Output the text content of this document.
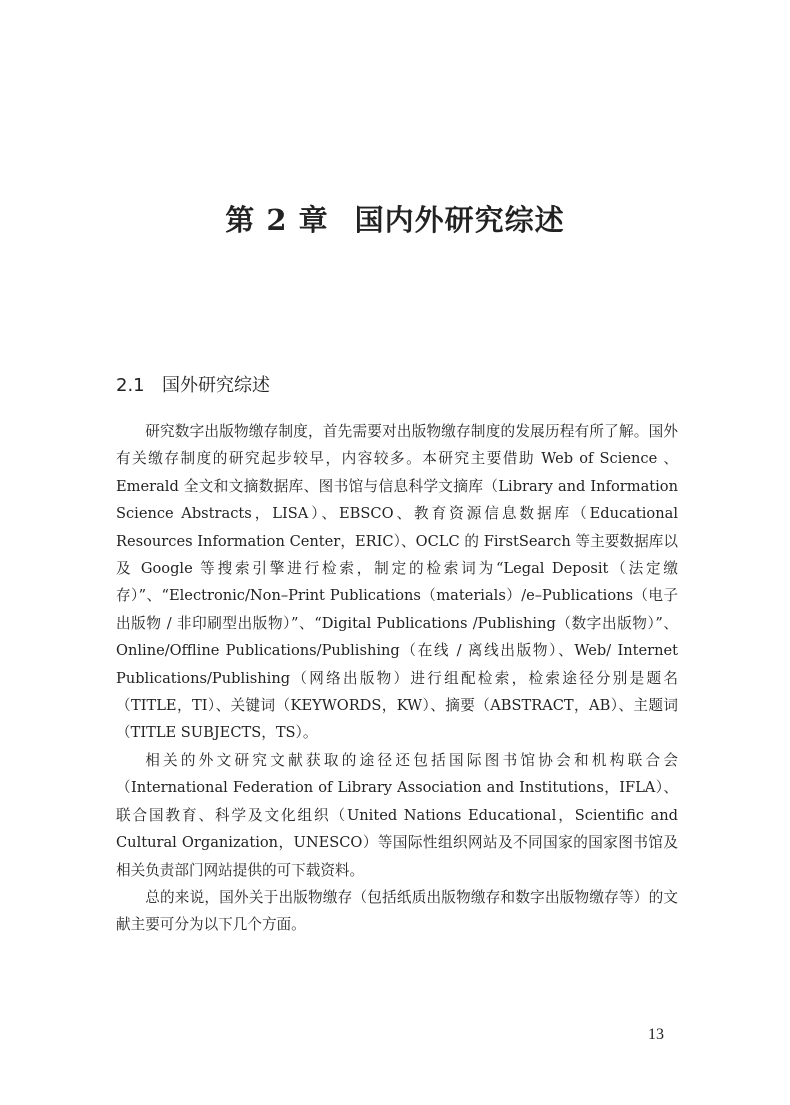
第 2 章 国内外研究综述
2.1 国外研究综述

研究数字出版物缴存制度，首先需要对出版物缴存制度的发展历程有所了解。国外有关缴存制度的研究起步较早，内容较多。本研究主要借助 Web of Science 、Emerald 全文和文摘数据库、图书馆与信息科学文摘库（Library and Information Science Abstracts，LISA）、EBSCO、教育资源信息数据库（Educational Resources Information Center，ERIC）、OCLC 的 FirstSearch 等主要数据库以及 Google 等搜索引擎进行检索，制定的检索词为“Legal Deposit（法定缴存）”、“Electronic/Non–Print Publications（materials）/e–Publications（电子出版物 / 非印刷型出版物）”、“Digital Publications /Publishing（数字出版物）”、Online/Offline Publications/Publishing（在线 / 离线出版物）、Web/ Internet Publications/Publishing（网络出版物）进行组配检索，检索途径分别是题名（TITLE，TI）、关键词（KEYWORDS，KW）、摘要（ABSTRACT，AB）、主题词（TITLE SUBJECTS，TS）。

相关的外文研究文献获取的途径还包括国际图书馆协会和机构联合会（International Federation of Library Association and Institutions，IFLA）、联合国教育、科学及文化组织（United Nations Educational，Scientific and Cultural Organization，UNESCO）等国际性组织网站及不同国家的国家图书馆及相关负责部门网站提供的可下载资料。

总的来说，国外关于出版物缴存（包括纸质出版物缴存和数字出版物缴存等）的文献主要可分为以下几个方面。

13
